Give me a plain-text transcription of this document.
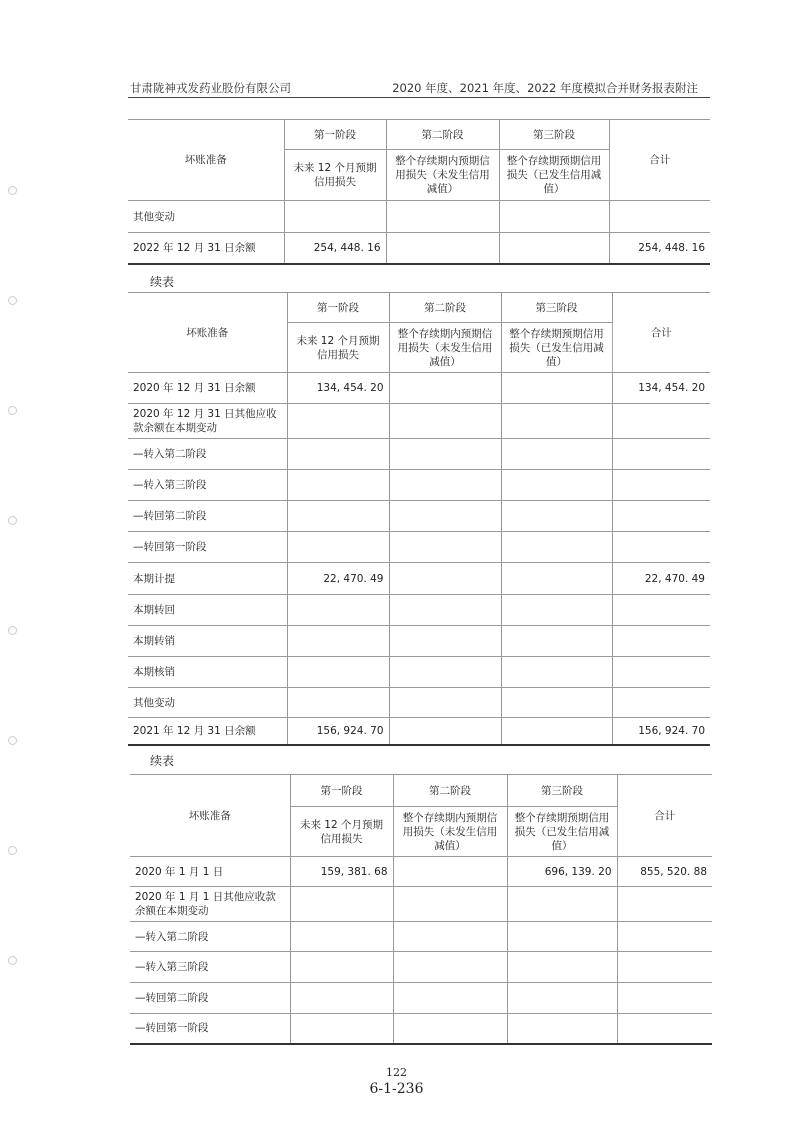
甘肃陇神戎发药业股份有限公司	2020 年度、2021 年度、2022 年度模拟合并财务报表附注
坏账准备	第一阶段	第二阶段	第三阶段	合计
	未来 12 个月预期信用损失	整个存续期内预期信用损失（未发生信用减值）	整个存续期预期信用损失（已发生信用减值）	
其他变动				
2022 年 12 月 31 日余额	254, 448. 16			254, 448. 16
续表
坏账准备	第一阶段	第二阶段	第三阶段	合计
	未来 12 个月预期信用损失	整个存续期内预期信用损失（未发生信用减值）	整个存续期预期信用损失（已发生信用减值）	
2020 年 12 月 31 日余额	134, 454. 20			134, 454. 20
2020 年 12 月 31 日其他应收款余额在本期变动				
—转入第二阶段				
—转入第三阶段				
—转回第二阶段				
—转回第一阶段				
本期计提	22, 470. 49			22, 470. 49
本期转回				
本期转销				
本期核销				
其他变动				
2021 年 12 月 31 日余额	156, 924. 70			156, 924. 70
续表
坏账准备	第一阶段	第二阶段	第三阶段	合计
	未来 12 个月预期信用损失	整个存续期内预期信用损失（未发生信用减值）	整个存续期预期信用损失（已发生信用减值）	
2020 年 1 月 1 日	159, 381. 68		696, 139. 20	855, 520. 88
2020 年 1 月 1 日其他应收款余额在本期变动				
—转入第二阶段				
—转入第三阶段				
—转回第二阶段				
—转回第一阶段				
122
6-1-236
